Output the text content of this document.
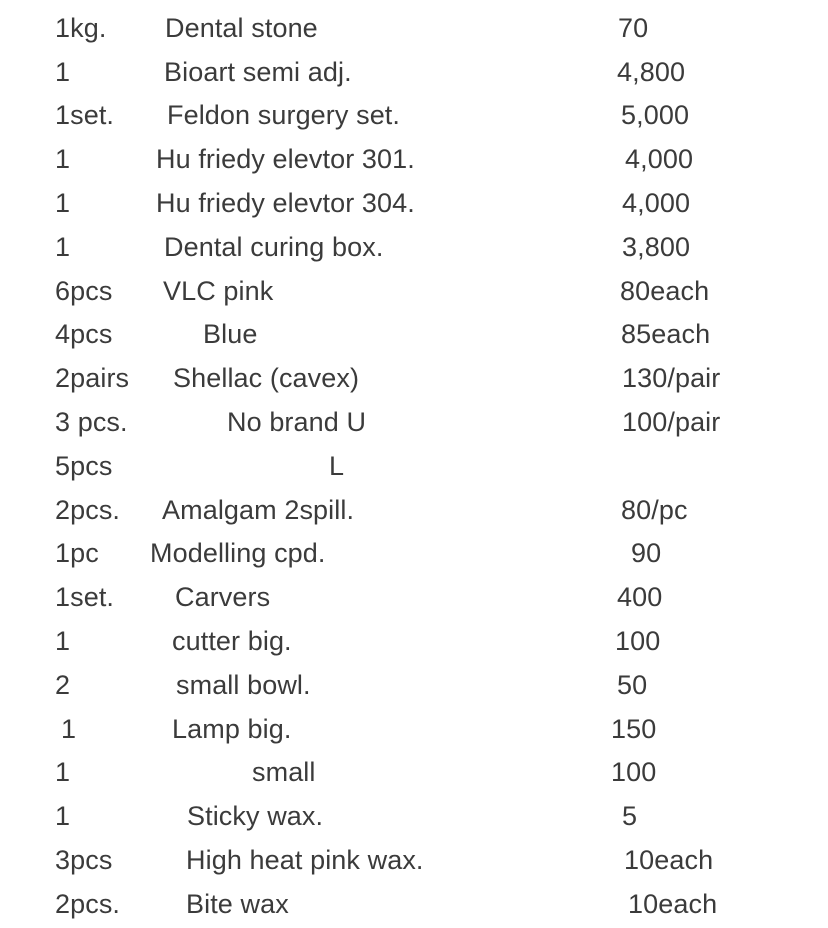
1kg. Dental stone	70
1	Bioart semi adj.	4,800
1set. Feldon surgery set.	5,000
1	Hu friedy elevtor 301.	4,000
1	Hu friedy elevtor 304.	4,000
1	Dental curing box.	3,800
6pcs VLC pink	80each
4pcs	Blue	85each
2pairs Shellac (cavex)	130/pair
3 pcs.	No brand U	100/pair
5pcs	L
2pcs. Amalgam 2spill.	80/pc
1pc Modelling cpd.	90
1set. Carvers	400
1	cutter big.	100
2	small bowl.	50
1	Lamp big.	150
1	small	100
1	Sticky wax.	5
3pcs	High heat pink wax.	10each
2pcs. Bite wax	10each
